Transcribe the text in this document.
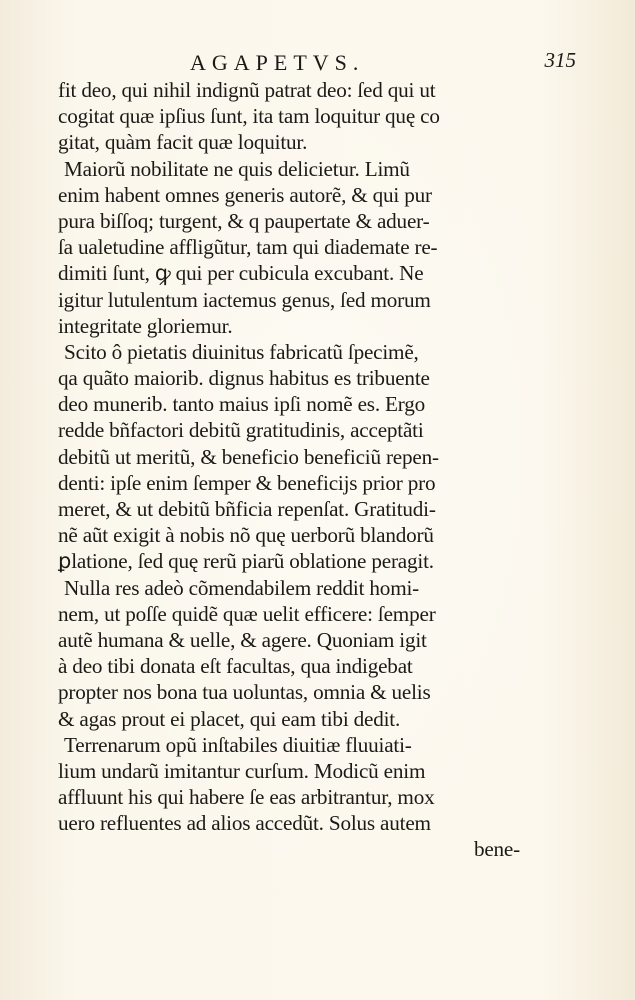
AGAPETVS.	315
fit deo, qui nihil indignũ patrat deo: ſed qui ut
cogitat quæ ipſius ſunt, ita tam loquitur quę co
gitat, quàm facit quæ loquitur.
Maiorũ nobilitate ne quis delicietur. Limũ
enim habent omnes generis autorẽ, & qui pur
pura biſſoq; turgent, & q paupertate & aduer-
ſa ualetudine affligũtur, tam qui diademate re-
dimiti ſunt, ꝙ qui per cubicula excubant. Ne
igitur lutulentum iactemus genus, ſed morum
integritate gloriemur.
Scito ô pietatis diuinitus fabricatũ ſpecimẽ,
qa quãto maiorib. dignus habitus es tribuente
deo munerib. tanto maius ipſi nomẽ es. Ergo
redde bñfactori debitũ gratitudinis, acceptãti
debitũ ut meritũ, & beneficio beneficiũ repen-
denti: ipſe enim ſemper & beneficijs prior pro
meret, & ut debitũ bñficia repenſat. Gratitudi-
nẽ aũt exigit à nobis nõ quę uerborũ blandorũ
ꝑlatione, ſed quę rerũ piarũ oblatione peragit.
Nulla res adeò cõmendabilem reddit homi-
nem, ut poſſe quidẽ quæ uelit efficere: ſemper
autẽ humana & uelle, & agere. Quoniam igit
à deo tibi donata eſt facultas, qua indigebat
propter nos bona tua uoluntas, omnia & uelis
& agas prout ei placet, qui eam tibi dedit.
Terrenarum opũ inſtabiles diuitiæ fluuiati-
lium undarũ imitantur curſum. Modicũ enim
affluunt his qui habere ſe eas arbitrantur, mox
uero refluentes ad alios accedũt. Solus autem
bene-
